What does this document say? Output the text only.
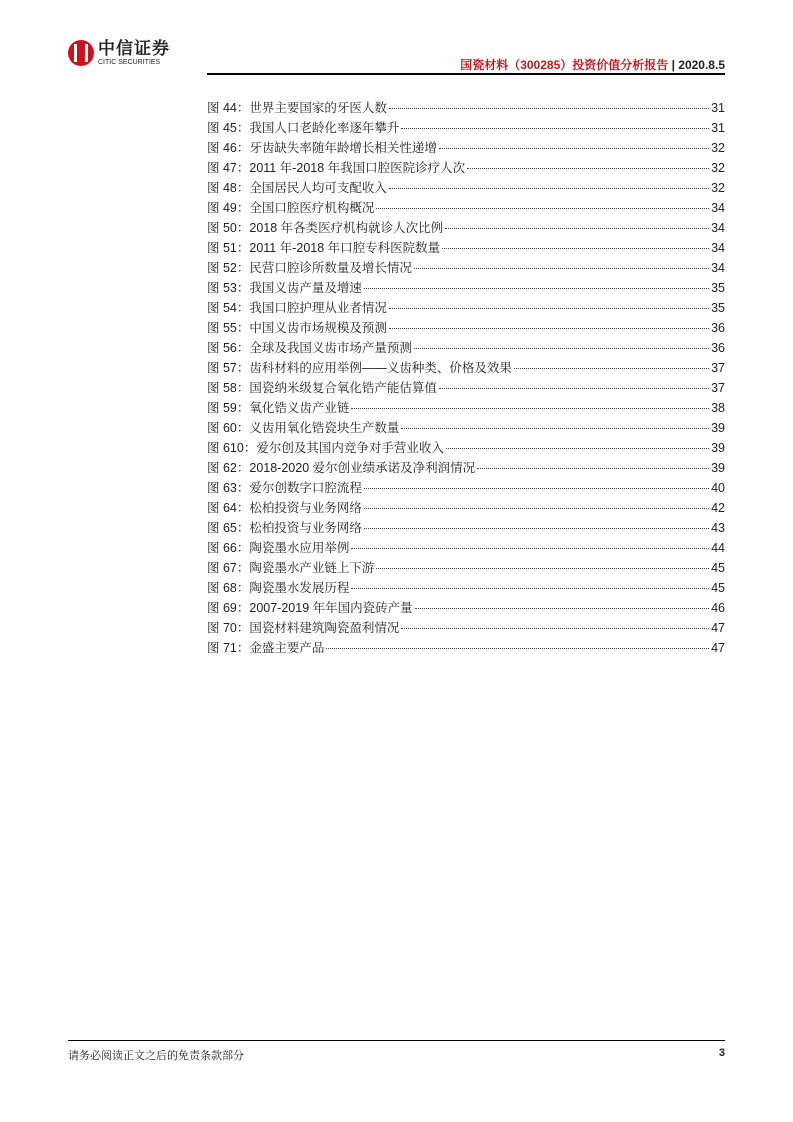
中信证券
CITIC SECURITIES	国瓷材料（300285）投资价值分析报告 | 2020.8.5
图 44：世界主要国家的牙医人数	31
图 45：我国人口老龄化率逐年攀升	31
图 46：牙齿缺失率随年龄增长相关性递增	32
图 47：2011 年-2018 年我国口腔医院诊疗人次	32
图 48：全国居民人均可支配收入	32
图 49：全国口腔医疗机构概况	34
图 50：2018 年各类医疗机构就诊人次比例	34
图 51：2011 年-2018 年口腔专科医院数量	34
图 52：民营口腔诊所数量及增长情况	34
图 53：我国义齿产量及增速	35
图 54：我国口腔护理从业者情况	35
图 55：中国义齿市场规模及预测	36
图 56：全球及我国义齿市场产量预测	36
图 57：齿科材料的应用举例——义齿种类、价格及效果	37
图 58：国瓷纳米级复合氧化锆产能估算值	37
图 59：氧化锆义齿产业链	38
图 60：义齿用氧化锆瓷块生产数量	39
图 610：爱尔创及其国内竞争对手营业收入	39
图 62：2018-2020 爱尔创业绩承诺及净利润情况	39
图 63：爱尔创数字口腔流程	40
图 64：松柏投资与业务网络	42
图 65：松柏投资与业务网络	43
图 66：陶瓷墨水应用举例	44
图 67：陶瓷墨水产业链上下游	45
图 68：陶瓷墨水发展历程	45
图 69：2007-2019 年年国内瓷砖产量	46
图 70：国瓷材料建筑陶瓷盈利情况	47
图 71：金盛主要产品	47
请务必阅读正文之后的免责条款部分	3
